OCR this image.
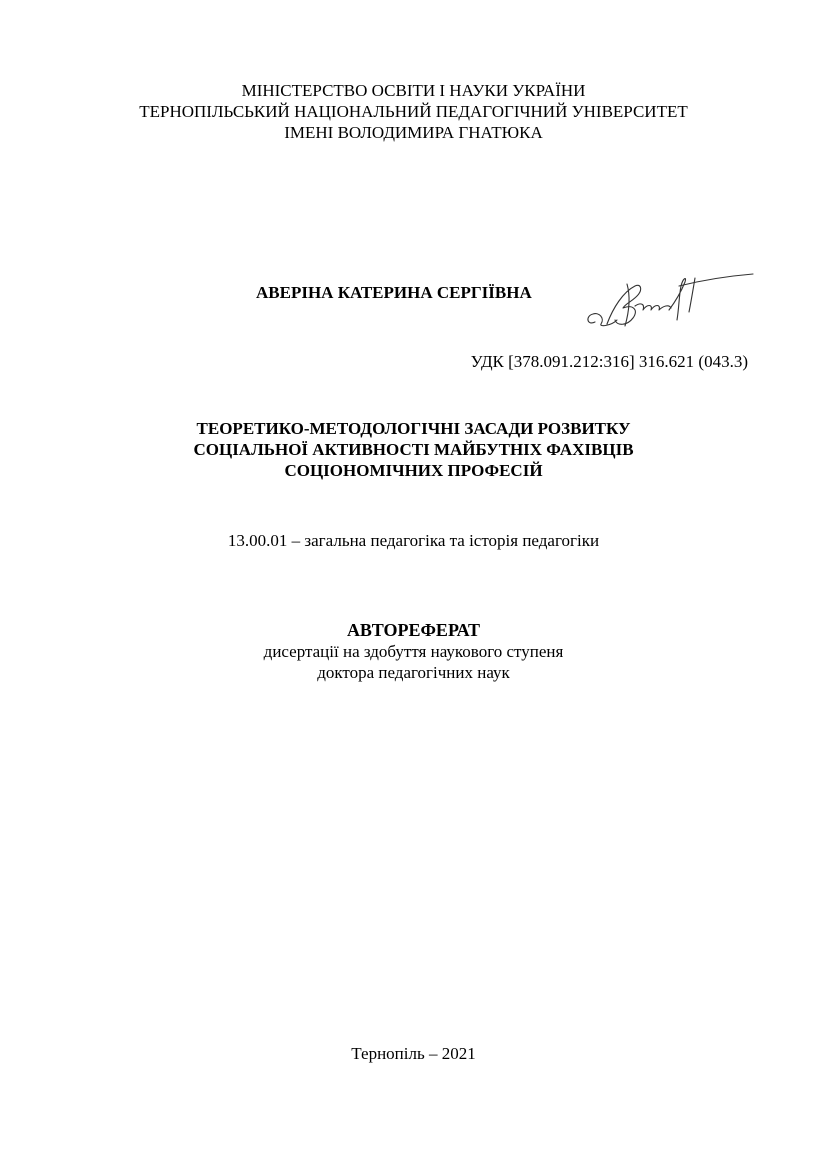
МІНІСТЕРСТВО ОСВІТИ І НАУКИ УКРАЇНИ
ТЕРНОПІЛЬСЬКИЙ НАЦІОНАЛЬНИЙ ПЕДАГОГІЧНИЙ УНІВЕРСИТЕТ
ІМЕНІ ВОЛОДИМИРА ГНАТЮКА
АВЕРІНА КАТЕРИНА СЕРГІЇВНА
УДК [378.091.212:316] 316.621 (043.3)
ТЕОРЕТИКО-МЕТОДОЛОГІЧНІ ЗАСАДИ РОЗВИТКУ
СОЦІАЛЬНОЇ АКТИВНОСТІ МАЙБУТНІХ ФАХІВЦІВ
СОЦІОНОМІЧНИХ ПРОФЕСІЙ
13.00.01 – загальна педагогіка та історія педагогіки
АВТОРЕФЕРАТ
дисертації на здобуття наукового ступеня
доктора педагогічних наук
Тернопіль – 2021
